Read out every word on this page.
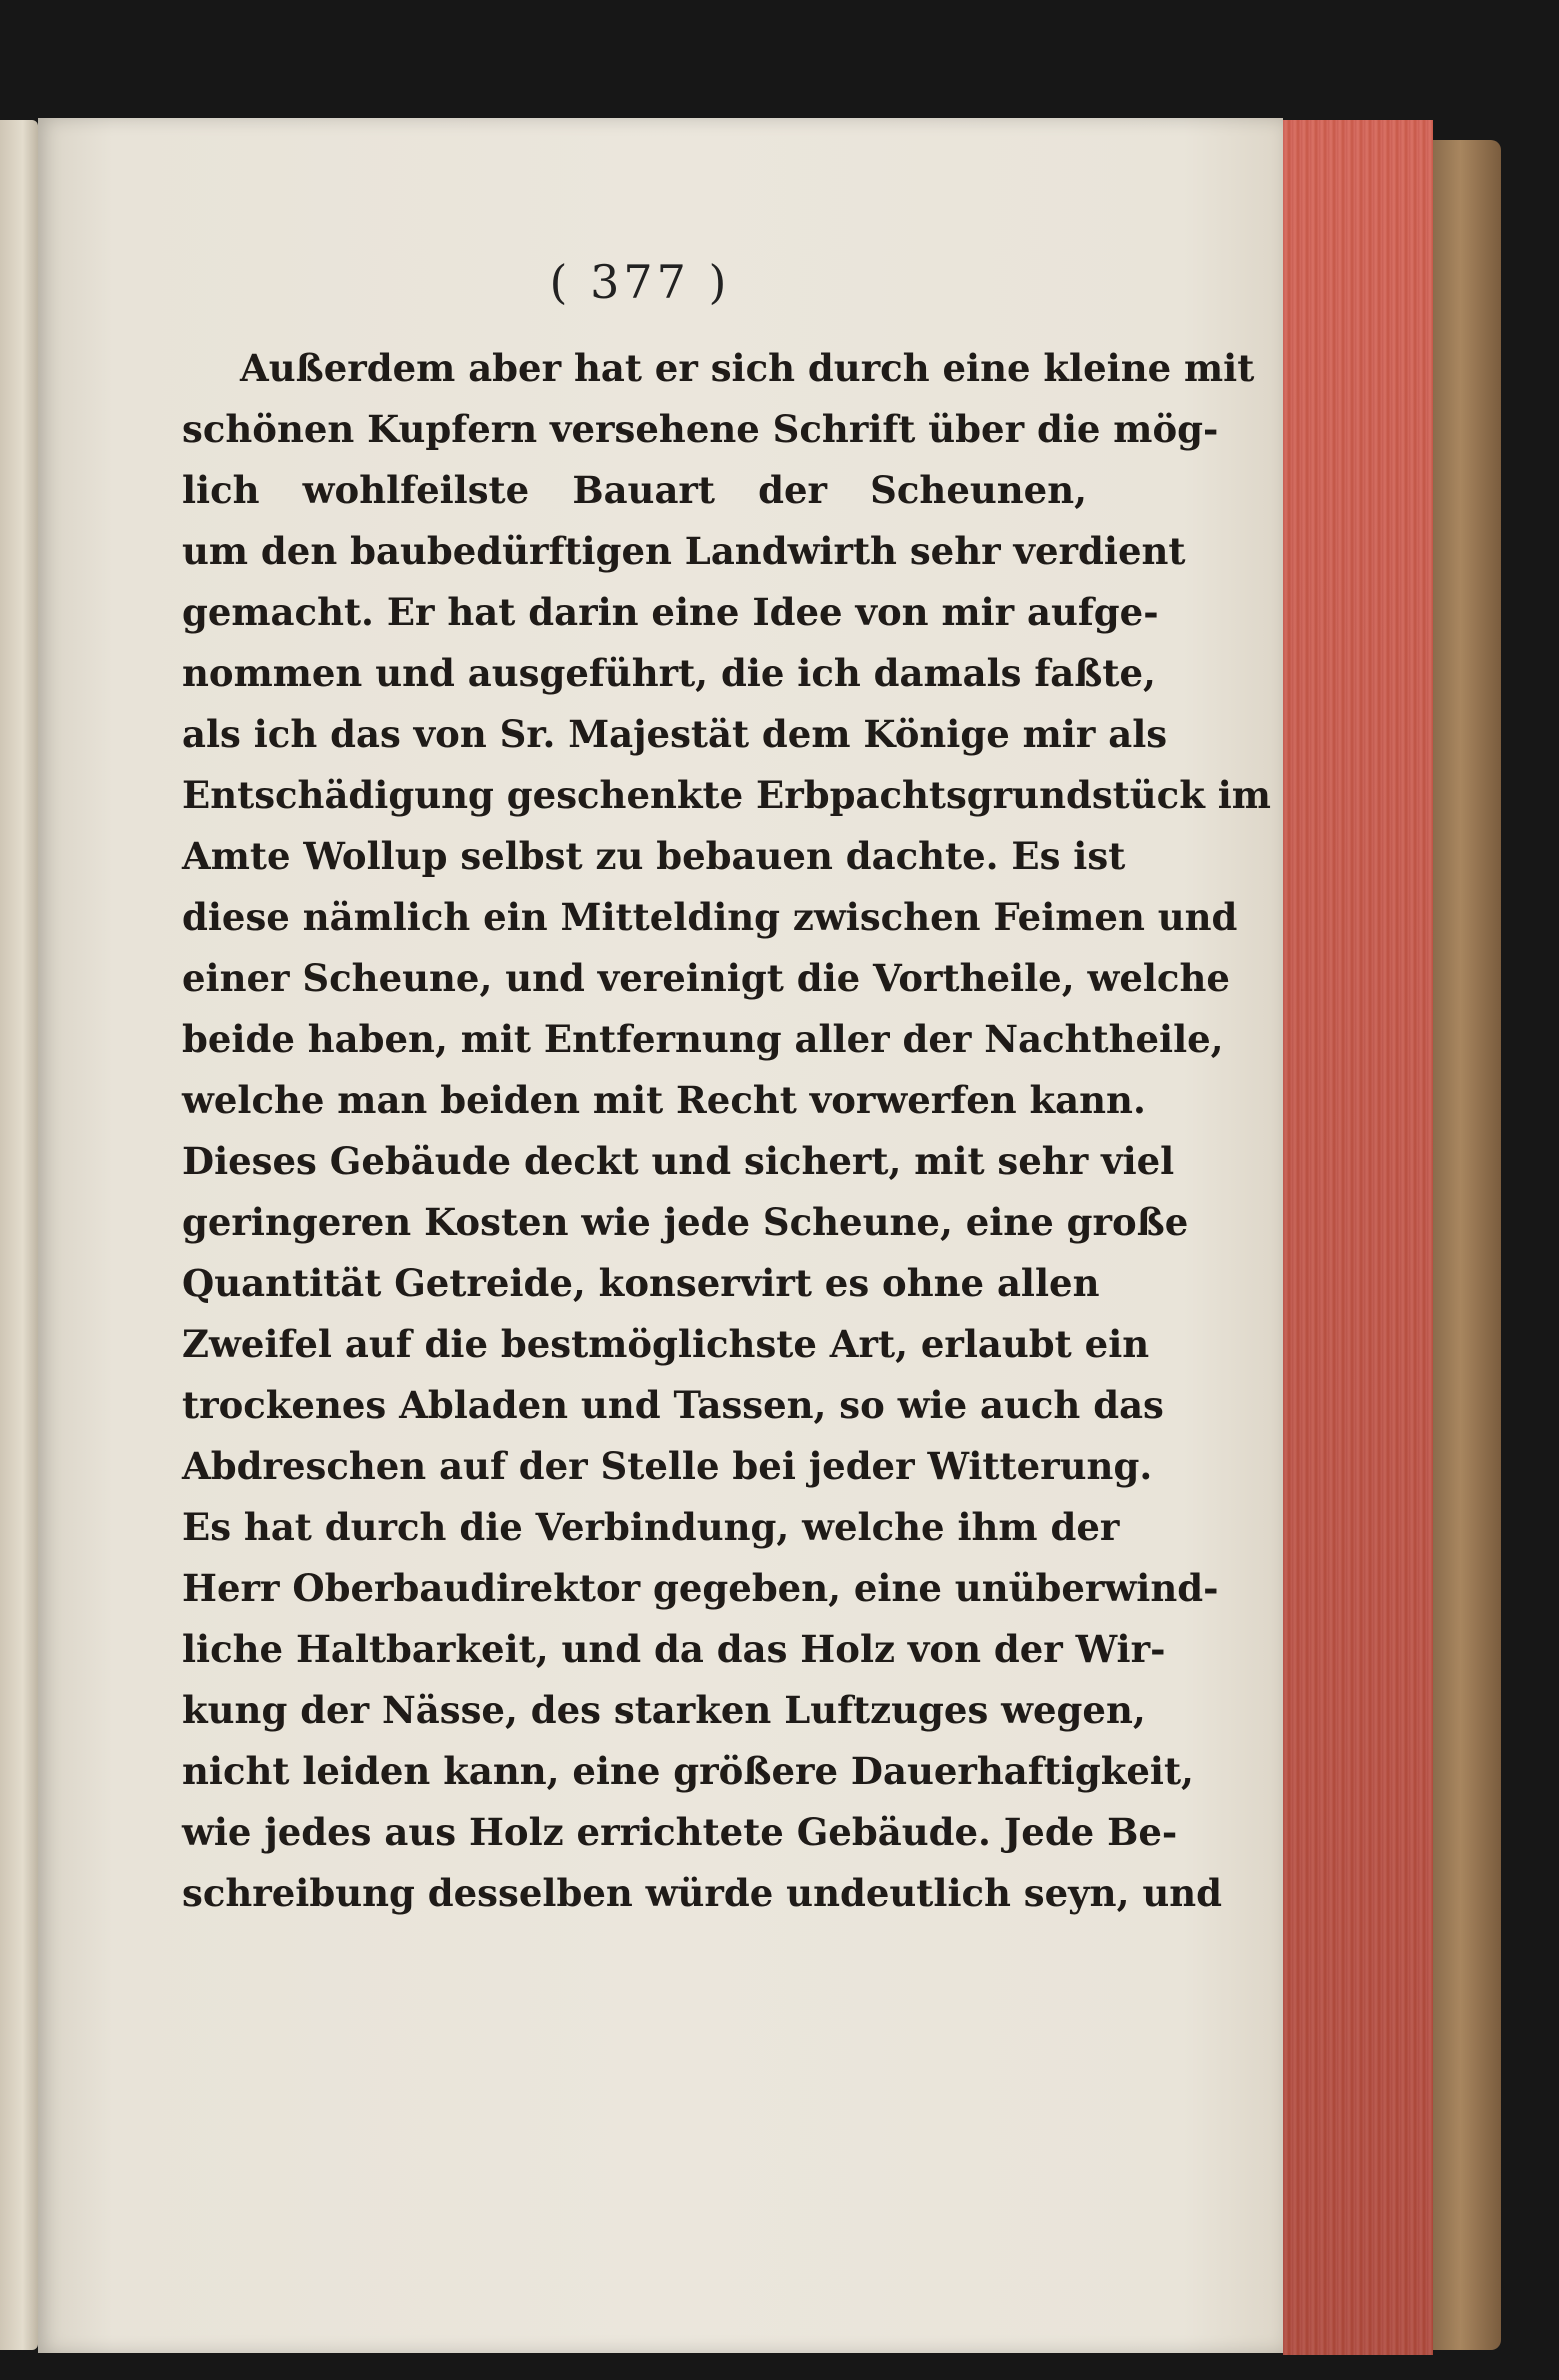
( 377 )
Außerdem aber hat er sich durch eine kleine mit
schönen Kupfern versehene Schrift über die mög-
lich wohlfeilste Bauart der Scheunen,
um den baubedürftigen Landwirth sehr verdient
gemacht. Er hat darin eine Idee von mir aufge-
nommen und ausgeführt, die ich damals faßte,
als ich das von Sr. Majestät dem Könige mir als
Entschädigung geschenkte Erbpachtsgrundstück im
Amte Wollup selbst zu bebauen dachte. Es ist
diese nämlich ein Mittelding zwischen Feimen und
einer Scheune, und vereinigt die Vortheile, welche
beide haben, mit Entfernung aller der Nachtheile,
welche man beiden mit Recht vorwerfen kann.
Dieses Gebäude deckt und sichert, mit sehr viel
geringeren Kosten wie jede Scheune, eine große
Quantität Getreide, konservirt es ohne allen
Zweifel auf die bestmöglichste Art, erlaubt ein
trockenes Abladen und Tassen, so wie auch das
Abdreschen auf der Stelle bei jeder Witterung.
Es hat durch die Verbindung, welche ihm der
Herr Oberbaudirektor gegeben, eine unüberwind-
liche Haltbarkeit, und da das Holz von der Wir-
kung der Nässe, des starken Luftzuges wegen,
nicht leiden kann, eine größere Dauerhaftigkeit,
wie jedes aus Holz errichtete Gebäude. Jede Be-
schreibung desselben würde undeutlich seyn, und
